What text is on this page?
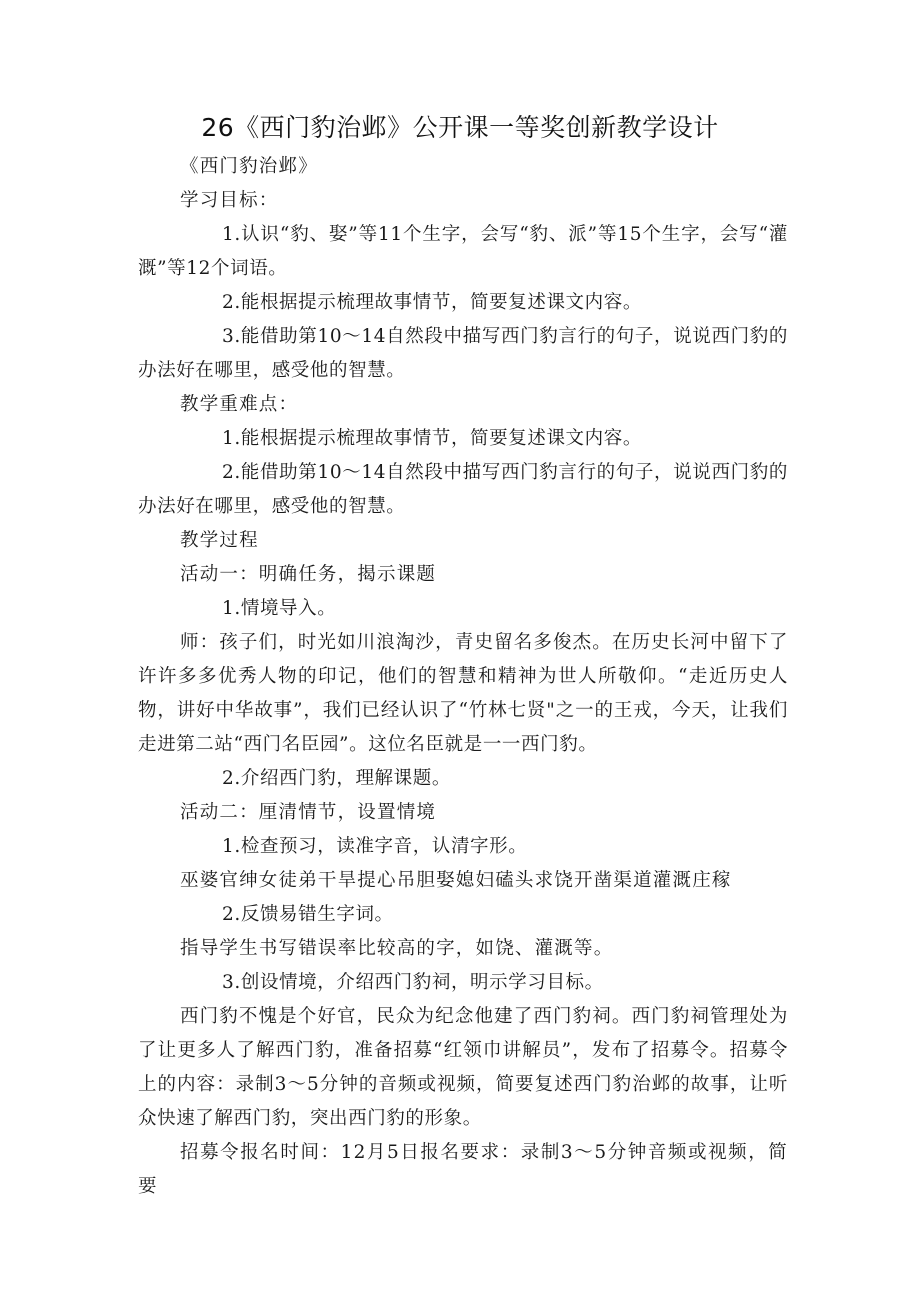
26《西门豹治邺》公开课一等奖创新教学设计

《西门豹治邺》

学习目标：

1.认识“豹、娶”等11个生字，会写“豹、派”等15个生字，会写“灌溉”等12个词语。

2.能根据提示梳理故事情节，简要复述课文内容。

3.能借助第10～14自然段中描写西门豹言行的句子，说说西门豹的办法好在哪里，感受他的智慧。

教学重难点：

1.能根据提示梳理故事情节，简要复述课文内容。

2.能借助第10～14自然段中描写西门豹言行的句子，说说西门豹的办法好在哪里，感受他的智慧。

教学过程

活动一：明确任务，揭示课题

1.情境导入。

师：孩子们，时光如川浪淘沙，青史留名多俊杰。在历史长河中留下了许许多多优秀人物的印记，他们的智慧和精神为世人所敬仰。“走近历史人物，讲好中华故事”，我们已经认识了“竹林七贤"之一的王戎，今天，让我们走进第二站“西门名臣园”。这位名臣就是一一西门豹。

2.介绍西门豹，理解课题。

活动二：厘清情节，设置情境

1.检查预习，读准字音，认清字形。

巫婆官绅女徒弟干旱提心吊胆娶媳妇磕头求饶开凿渠道灌溉庄稼

2.反馈易错生字词。

指导学生书写错误率比较高的字，如饶、灌溉等。

3.创设情境，介绍西门豹祠，明示学习目标。

西门豹不愧是个好官，民众为纪念他建了西门豹祠。西门豹祠管理处为了让更多人了解西门豹，准备招募“红领巾讲解员”，发布了招募令。招募令上的内容：录制3～5分钟的音频或视频，简要复述西门豹治邺的故事，让听众快速了解西门豹，突出西门豹的形象。

招募令报名时间：12月5日报名要求：录制3～5分钟音频或视频，简要
